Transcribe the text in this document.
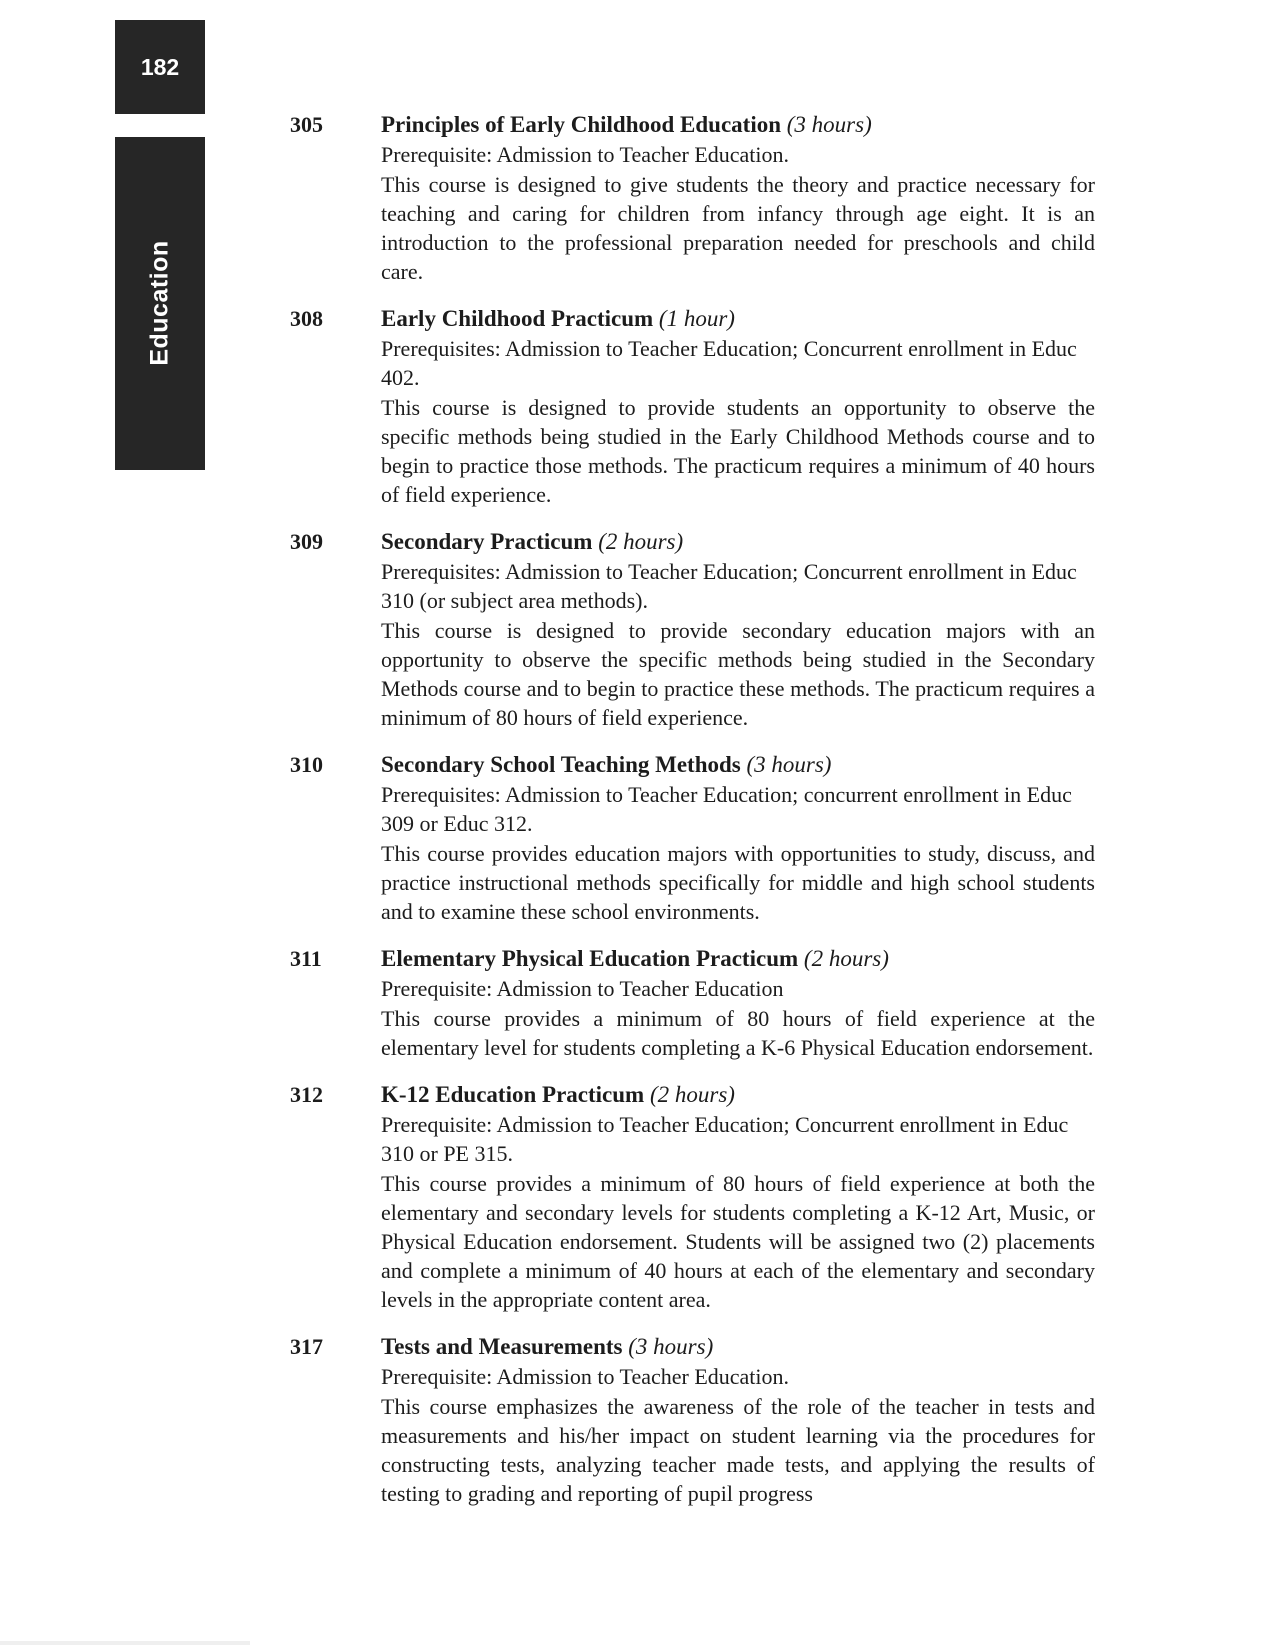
182
Education
305	Principles of Early Childhood Education (3 hours)
Prerequisite: Admission to Teacher Education.
This course is designed to give students the theory and practice necessary for teaching and caring for children from infancy through age eight. It is an introduction to the professional preparation needed for preschools and child care.
308	Early Childhood Practicum (1 hour)
Prerequisites: Admission to Teacher Education; Concurrent enrollment in Educ 402.
This course is designed to provide students an opportunity to observe the specific methods being studied in the Early Childhood Methods course and to begin to practice those methods. The practicum requires a minimum of 40 hours of field experience.
309	Secondary Practicum (2 hours)
Prerequisites: Admission to Teacher Education; Concurrent enrollment in Educ 310 (or subject area methods).
This course is designed to provide secondary education majors with an opportunity to observe the specific methods being studied in the Secondary Methods course and to begin to practice these methods. The practicum requires a minimum of 80 hours of field experience.
310	Secondary School Teaching Methods (3 hours)
Prerequisites: Admission to Teacher Education; concurrent enrollment in Educ 309 or Educ 312.
This course provides education majors with opportunities to study, discuss, and practice instructional methods specifically for middle and high school students and to examine these school environments.
311	Elementary Physical Education Practicum (2 hours)
Prerequisite: Admission to Teacher Education
This course provides a minimum of 80 hours of field experience at the elementary level for students completing a K-6 Physical Education endorsement.
312	K-12 Education Practicum (2 hours)
Prerequisite: Admission to Teacher Education; Concurrent enrollment in Educ 310 or PE 315.
This course provides a minimum of 80 hours of field experience at both the elementary and secondary levels for students completing a K-12 Art, Music, or Physical Education endorsement. Students will be assigned two (2) placements and complete a minimum of 40 hours at each of the elementary and secondary levels in the appropriate content area.
317	Tests and Measurements (3 hours)
Prerequisite: Admission to Teacher Education.
This course emphasizes the awareness of the role of the teacher in tests and measurements and his/her impact on student learning via the procedures for constructing tests, analyzing teacher made tests, and applying the results of testing to grading and reporting of pupil progress
